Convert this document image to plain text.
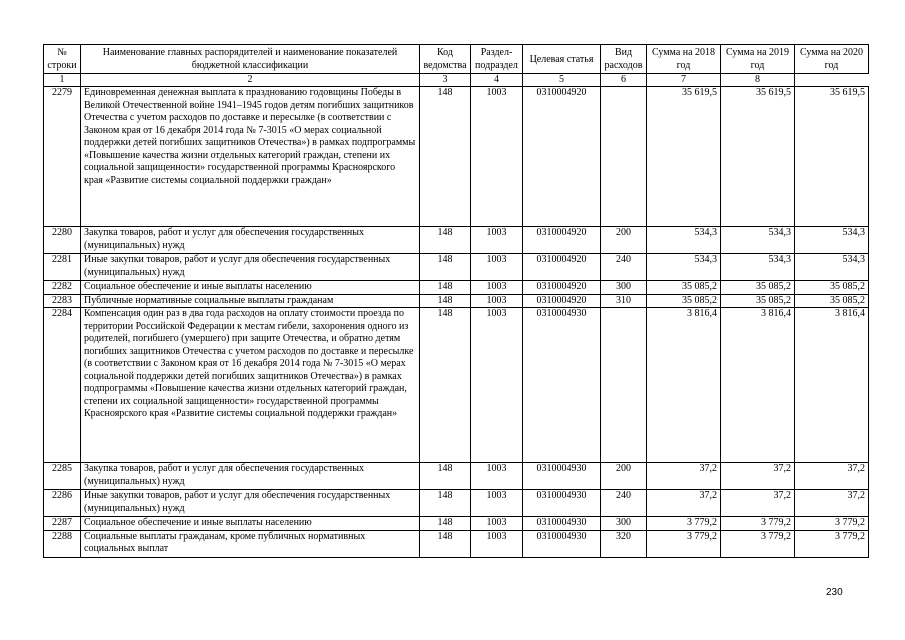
№ строки	Наименование главных распорядителей и наименование показателей бюджетной классификации	Код ведомства	Раздел-подраздел	Целевая статья	Вид расходов	Сумма на 2018 год	Сумма на 2019 год	Сумма на 2020 год
1	2	3	4	5	6	7	8	
2279	Единовременная денежная выплата к празднованию годовщины Победы в Великой Отечественной войне 1941–1945 годов детям погибших защитников Отечества с учетом расходов по доставке и пересылке (в соответствии с Законом края от 16 декабря 2014 года № 7-3015 «О мерах социальной поддержки детей погибших защитников Отечества») в рамках подпрограммы «Повышение качества жизни отдельных категорий граждан, степени их социальной защищенности» государственной программы Красноярского края «Развитие системы социальной поддержки граждан»	148	1003	0310004920		35 619,5	35 619,5	35 619,5
2280	Закупка товаров, работ и услуг для обеспечения государственных (муниципальных) нужд	148	1003	0310004920	200	534,3	534,3	534,3
2281	Иные закупки товаров, работ и услуг для обеспечения государственных (муниципальных) нужд	148	1003	0310004920	240	534,3	534,3	534,3
2282	Социальное обеспечение и иные выплаты населению	148	1003	0310004920	300	35 085,2	35 085,2	35 085,2
2283	Публичные нормативные социальные выплаты гражданам	148	1003	0310004920	310	35 085,2	35 085,2	35 085,2
2284	Компенсация один раз в два года расходов на оплату стоимости проезда по территории Российской Федерации к местам гибели, захоронения одного из родителей, погибшего (умершего) при защите Отечества, и обратно детям погибших защитников Отечества с учетом расходов по доставке и пересылке (в соответствии с Законом края от 16 декабря 2014 года № 7-3015 «О мерах социальной поддержки детей погибших защитников Отечества») в рамках подпрограммы «Повышение качества жизни отдельных категорий граждан, степени их социальной защищенности» государственной программы Красноярского края «Развитие системы социальной поддержки граждан»	148	1003	0310004930		3 816,4	3 816,4	3 816,4
2285	Закупка товаров, работ и услуг для обеспечения государственных (муниципальных) нужд	148	1003	0310004930	200	37,2	37,2	37,2
2286	Иные закупки товаров, работ и услуг для обеспечения государственных (муниципальных) нужд	148	1003	0310004930	240	37,2	37,2	37,2
2287	Социальное обеспечение и иные выплаты населению	148	1003	0310004930	300	3 779,2	3 779,2	3 779,2
2288	Социальные выплаты гражданам, кроме публичных нормативных социальных выплат	148	1003	0310004930	320	3 779,2	3 779,2	3 779,2
230
